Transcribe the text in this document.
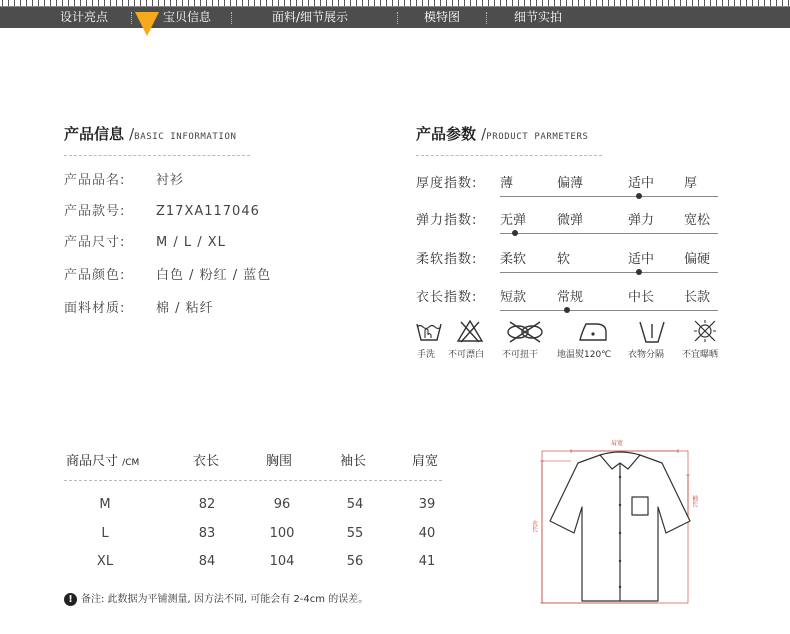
设计亮点	宝贝信息	面料/细节展示	模特图	细节实拍
产品信息 /BASIC INFORMATION
产品品名: 衬衫
产品款号: Z17XA117046
产品尺寸: M / L / XL
产品颜色: 白色 / 粉红 / 蓝色
面料材质: 棉 / 粘纤
产品参数 /PRODUCT PARMETERS
厚度指数: 薄	偏薄	适中 厚
弹力指数: 无弹 微弹	弹力 宽松
柔软指数: 柔软 软	适中 偏硬
衣长指数: 短款 常规	中长 长款
手洗 不可漂白 不可扭干 地温熨120℃ 衣物分隔 不宜曝晒
商品尺寸 /CM	衣长	胸围	袖长	肩宽
M	82	96	54	39
L	83	100	55	40
XL	84	104	56	41
! 备注: 此数据为平铺测量, 因方法不同, 可能会有 2-4cm 的误差。
肩宽
袖长
衣长
